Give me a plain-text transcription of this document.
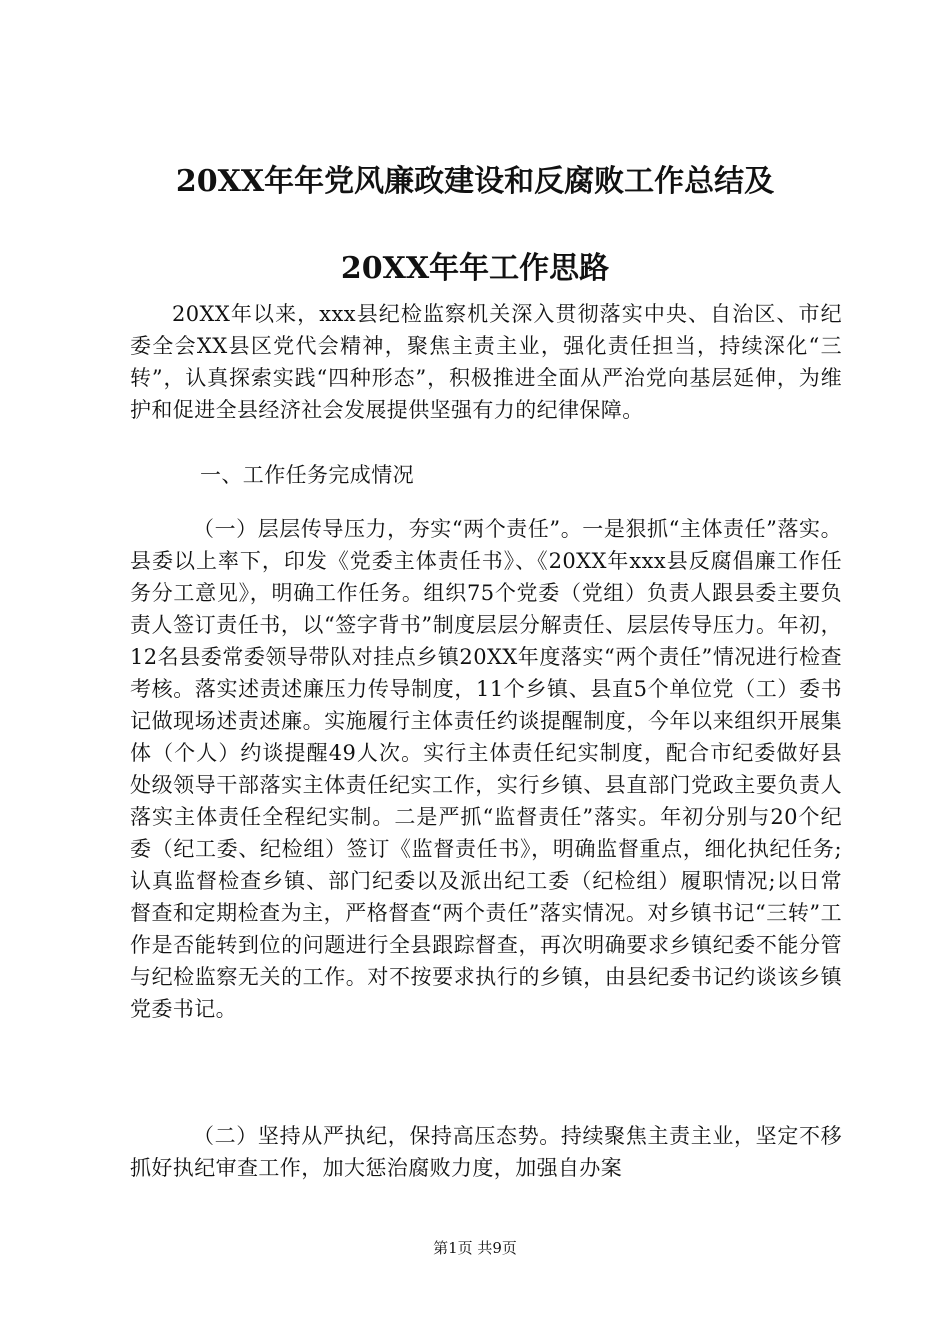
20XX年年党风廉政建设和反腐败工作总结及
20XX年年工作思路

20XX年以来，xxx县纪检监察机关深入贯彻落实中央、自治区、市纪委全会XX县区党代会精神，聚焦主责主业，强化责任担当，持续深化“三转”，认真探索实践“四种形态”，积极推进全面从严治党向基层延伸，为维护和促进全县经济社会发展提供坚强有力的纪律保障。

一、工作任务完成情况

（一）层层传导压力，夯实“两个责任”。一是狠抓“主体责任”落实。县委以上率下，印发《党委主体责任书》、《20XX年xxx县反腐倡廉工作任务分工意见》，明确工作任务。组织75个党委（党组）负责人跟县委主要负责人签订责任书，以“签字背书”制度层层分解责任、层层传导压力。年初，12名县委常委领导带队对挂点乡镇20XX年度落实“两个责任”情况进行检查考核。落实述责述廉压力传导制度，11个乡镇、县直5个单位党（工）委书记做现场述责述廉。实施履行主体责任约谈提醒制度，今年以来组织开展集体（个人）约谈提醒49人次。实行主体责任纪实制度，配合市纪委做好县处级领导干部落实主体责任纪实工作，实行乡镇、县直部门党政主要负责人落实主体责任全程纪实制。二是严抓“监督责任”落实。年初分别与20个纪委（纪工委、纪检组）签订《监督责任书》，明确监督重点，细化执纪任务;认真监督检查乡镇、部门纪委以及派出纪工委（纪检组）履职情况;以日常督查和定期检查为主，严格督查“两个责任”落实情况。对乡镇书记“三转”工作是否能转到位的问题进行全县跟踪督查，再次明确要求乡镇纪委不能分管与纪检监察无关的工作。对不按要求执行的乡镇，由县纪委书记约谈该乡镇党委书记。

（二）坚持从严执纪，保持高压态势。持续聚焦主责主业，坚定不移抓好执纪审查工作，加大惩治腐败力度，加强自办案

第1页 共9页
